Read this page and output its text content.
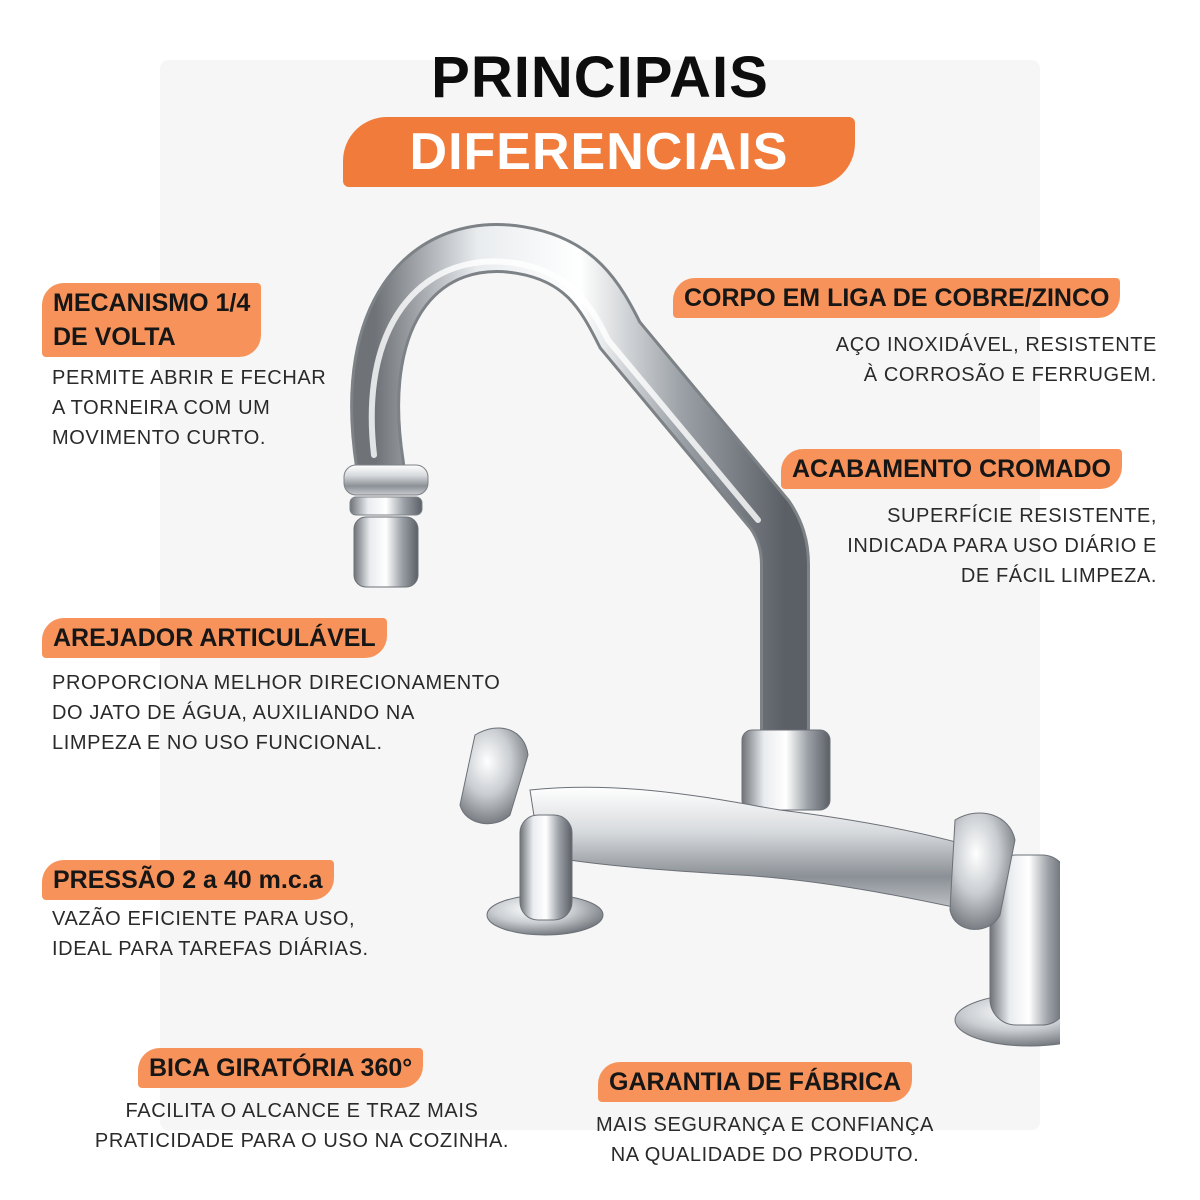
PRINCIPAIS
DIFERENCIAIS
MECANISMO 1/4
DE VOLTA
PERMITE ABRIR E FECHAR
A TORNEIRA COM UM
MOVIMENTO CURTO.
CORPO EM LIGA DE COBRE/ZINCO
AÇO INOXIDÁVEL, RESISTENTE
À CORROSÃO E FERRUGEM.
ACABAMENTO CROMADO
SUPERFÍCIE RESISTENTE,
INDICADA PARA USO DIÁRIO E
DE FÁCIL LIMPEZA.
AREJADOR ARTICULÁVEL
PROPORCIONA MELHOR DIRECIONAMENTO
DO JATO DE ÁGUA, AUXILIANDO NA
LIMPEZA E NO USO FUNCIONAL.
PRESSÃO 2 a 40 m.c.a
VAZÃO EFICIENTE PARA USO,
IDEAL PARA TAREFAS DIÁRIAS.
BICA GIRATÓRIA 360°
FACILITA O ALCANCE E TRAZ MAIS
PRATICIDADE PARA O USO NA COZINHA.
GARANTIA DE FÁBRICA
MAIS SEGURANÇA E CONFIANÇA
NA QUALIDADE DO PRODUTO.
